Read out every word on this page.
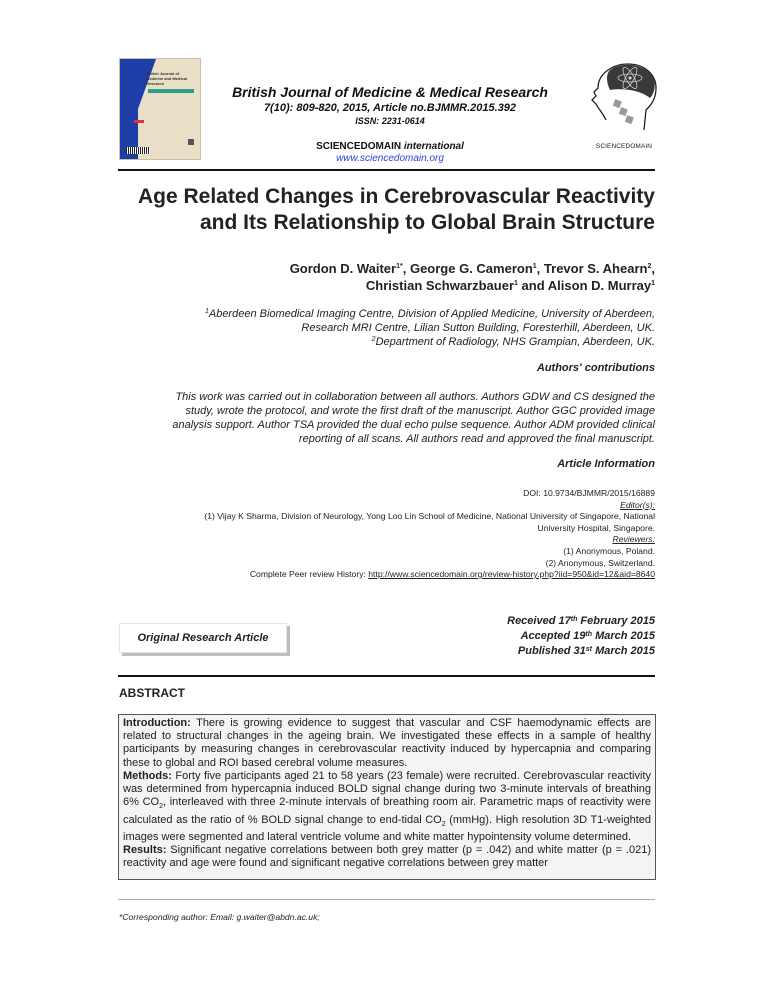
British Journal of Medicine and Medical Research
British Journal of Medicine & Medical Research
7(10): 809-820, 2015, Article no.BJMMR.2015.392
ISSN: 2231-0614
SCIENCEDOMAIN international
www.sciencedomain.org
SCIENCEDOMAIN
Age Related Changes in Cerebrovascular Reactivity
and Its Relationship to Global Brain Structure
Gordon D. Waiter$^{1*}$, George G. Cameron$^1$, Trevor S. Ahearn$^2$,
Christian Schwarzbauer$^1$ and Alison D. Murray$^1$
$^1$Aberdeen Biomedical Imaging Centre, Division of Applied Medicine, University of Aberdeen,
Research MRI Centre, Lilian Sutton Building, Foresterhill, Aberdeen, UK.
$^2$Department of Radiology, NHS Grampian, Aberdeen, UK.
Authors' contributions
This work was carried out in collaboration between all authors. Authors GDW and CS designed the
study, wrote the protocol, and wrote the first draft of the manuscript. Author GGC provided image
analysis support. Author TSA provided the dual echo pulse sequence. Author ADM provided clinical
reporting of all scans. All authors read and approved the final manuscript.
Article Information
DOI: 10.9734/BJMMR/2015/16889
Editor(s):
(1) Vijay K Sharma, Division of Neurology, Yong Loo Lin School of Medicine, National University of Singapore, National
University Hospital, Singapore.
Reviewers:
(1) Anonymous, Poland.
(2) Anonymous, Switzerland.
Complete Peer review History: http://www.sciencedomain.org/review-history.php?iid=950&id=12&aid=8640
Original Research Article
Received 17th February 2015
Accepted 19th March 2015
Published 31st March 2015
ABSTRACT

Introduction: There is growing evidence to suggest that vascular and CSF haemodynamic effects are related to structural changes in the ageing brain. We investigated these effects in a sample of healthy participants by measuring changes in cerebrovascular reactivity induced by hypercapnia and comparing these to global and ROI based cerebral volume measures.

Methods: Forty five participants aged 21 to 58 years (23 female) were recruited. Cerebrovascular reactivity was determined from hypercapnia induced BOLD signal change during two 3-minute intervals of breathing 6% $CO_2$, interleaved with three 2-minute intervals of breathing room air. Parametric maps of reactivity were calculated as the ratio of % BOLD signal change to end-tidal $CO_2$ (mmHg). High resolution 3D T1-weighted images were segmented and lateral ventricle volume and white matter hypointensity volume determined.

Results: Significant negative correlations between both grey matter (p = .042) and white matter (p = .021) reactivity and age were found and significant negative correlations between grey matter

*Corresponding author: Email: g.waiter@abdn.ac.uk;
